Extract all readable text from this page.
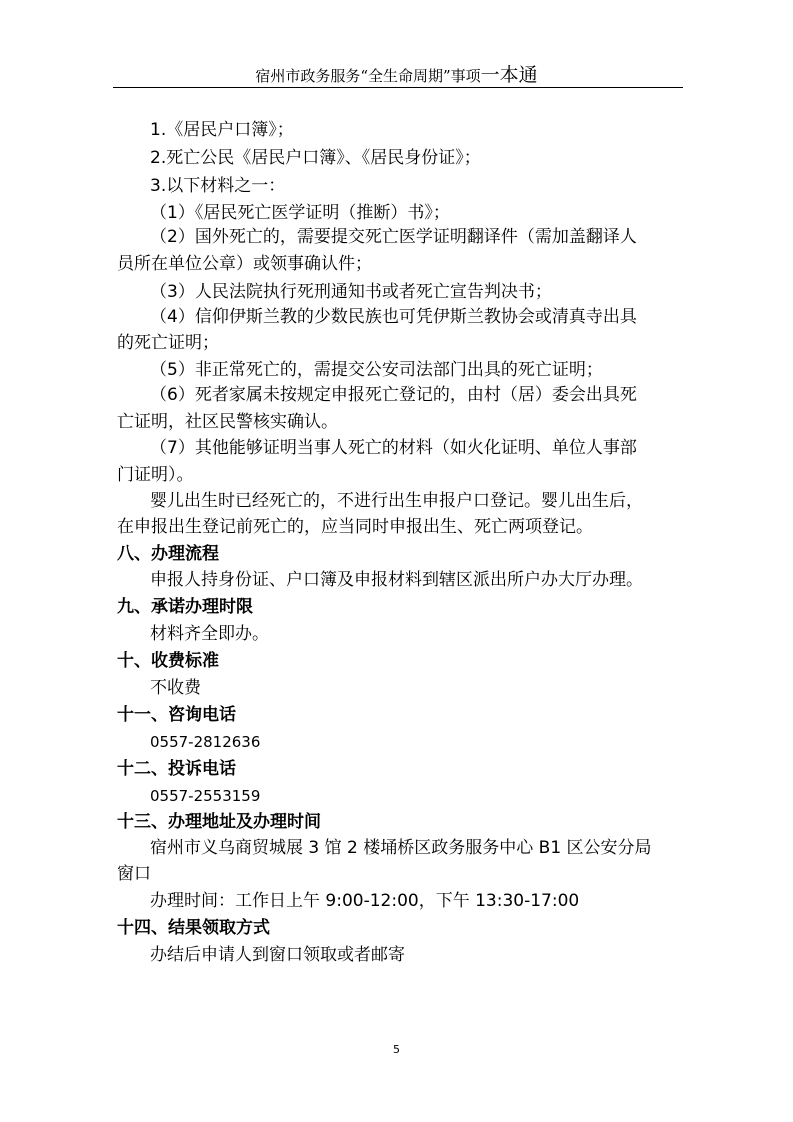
宿州市政务服务“全生命周期”事项一本通
1.《居民户口簿》；
2.死亡公民《居民户口簿》、《居民身份证》；
3.以下材料之一：
（1）《居民死亡医学证明（推断）书》；
（2）国外死亡的，需要提交死亡医学证明翻译件（需加盖翻译人
员所在单位公章）或领事确认件；
（3）人民法院执行死刑通知书或者死亡宣告判决书；
（4）信仰伊斯兰教的少数民族也可凭伊斯兰教协会或清真寺出具
的死亡证明；
（5）非正常死亡的，需提交公安司法部门出具的死亡证明；
（6）死者家属未按规定申报死亡登记的，由村（居）委会出具死
亡证明，社区民警核实确认。
（7）其他能够证明当事人死亡的材料（如火化证明、单位人事部
门证明）。
婴儿出生时已经死亡的，不进行出生申报户口登记。婴儿出生后，
在申报出生登记前死亡的，应当同时申报出生、死亡两项登记。
八、办理流程
申报人持身份证、户口簿及申报材料到辖区派出所户办大厅办理。
九、承诺办理时限
材料齐全即办。
十、收费标准
不收费
十一、咨询电话
0557-2812636
十二、投诉电话
0557-2553159
十三、办理地址及办理时间
宿州市义乌商贸城展 3 馆 2 楼埇桥区政务服务中心 B1 区公安分局
窗口
办理时间：工作日上午 9:00-12:00，下午 13:30-17:00
十四、结果领取方式
办结后申请人到窗口领取或者邮寄
5
